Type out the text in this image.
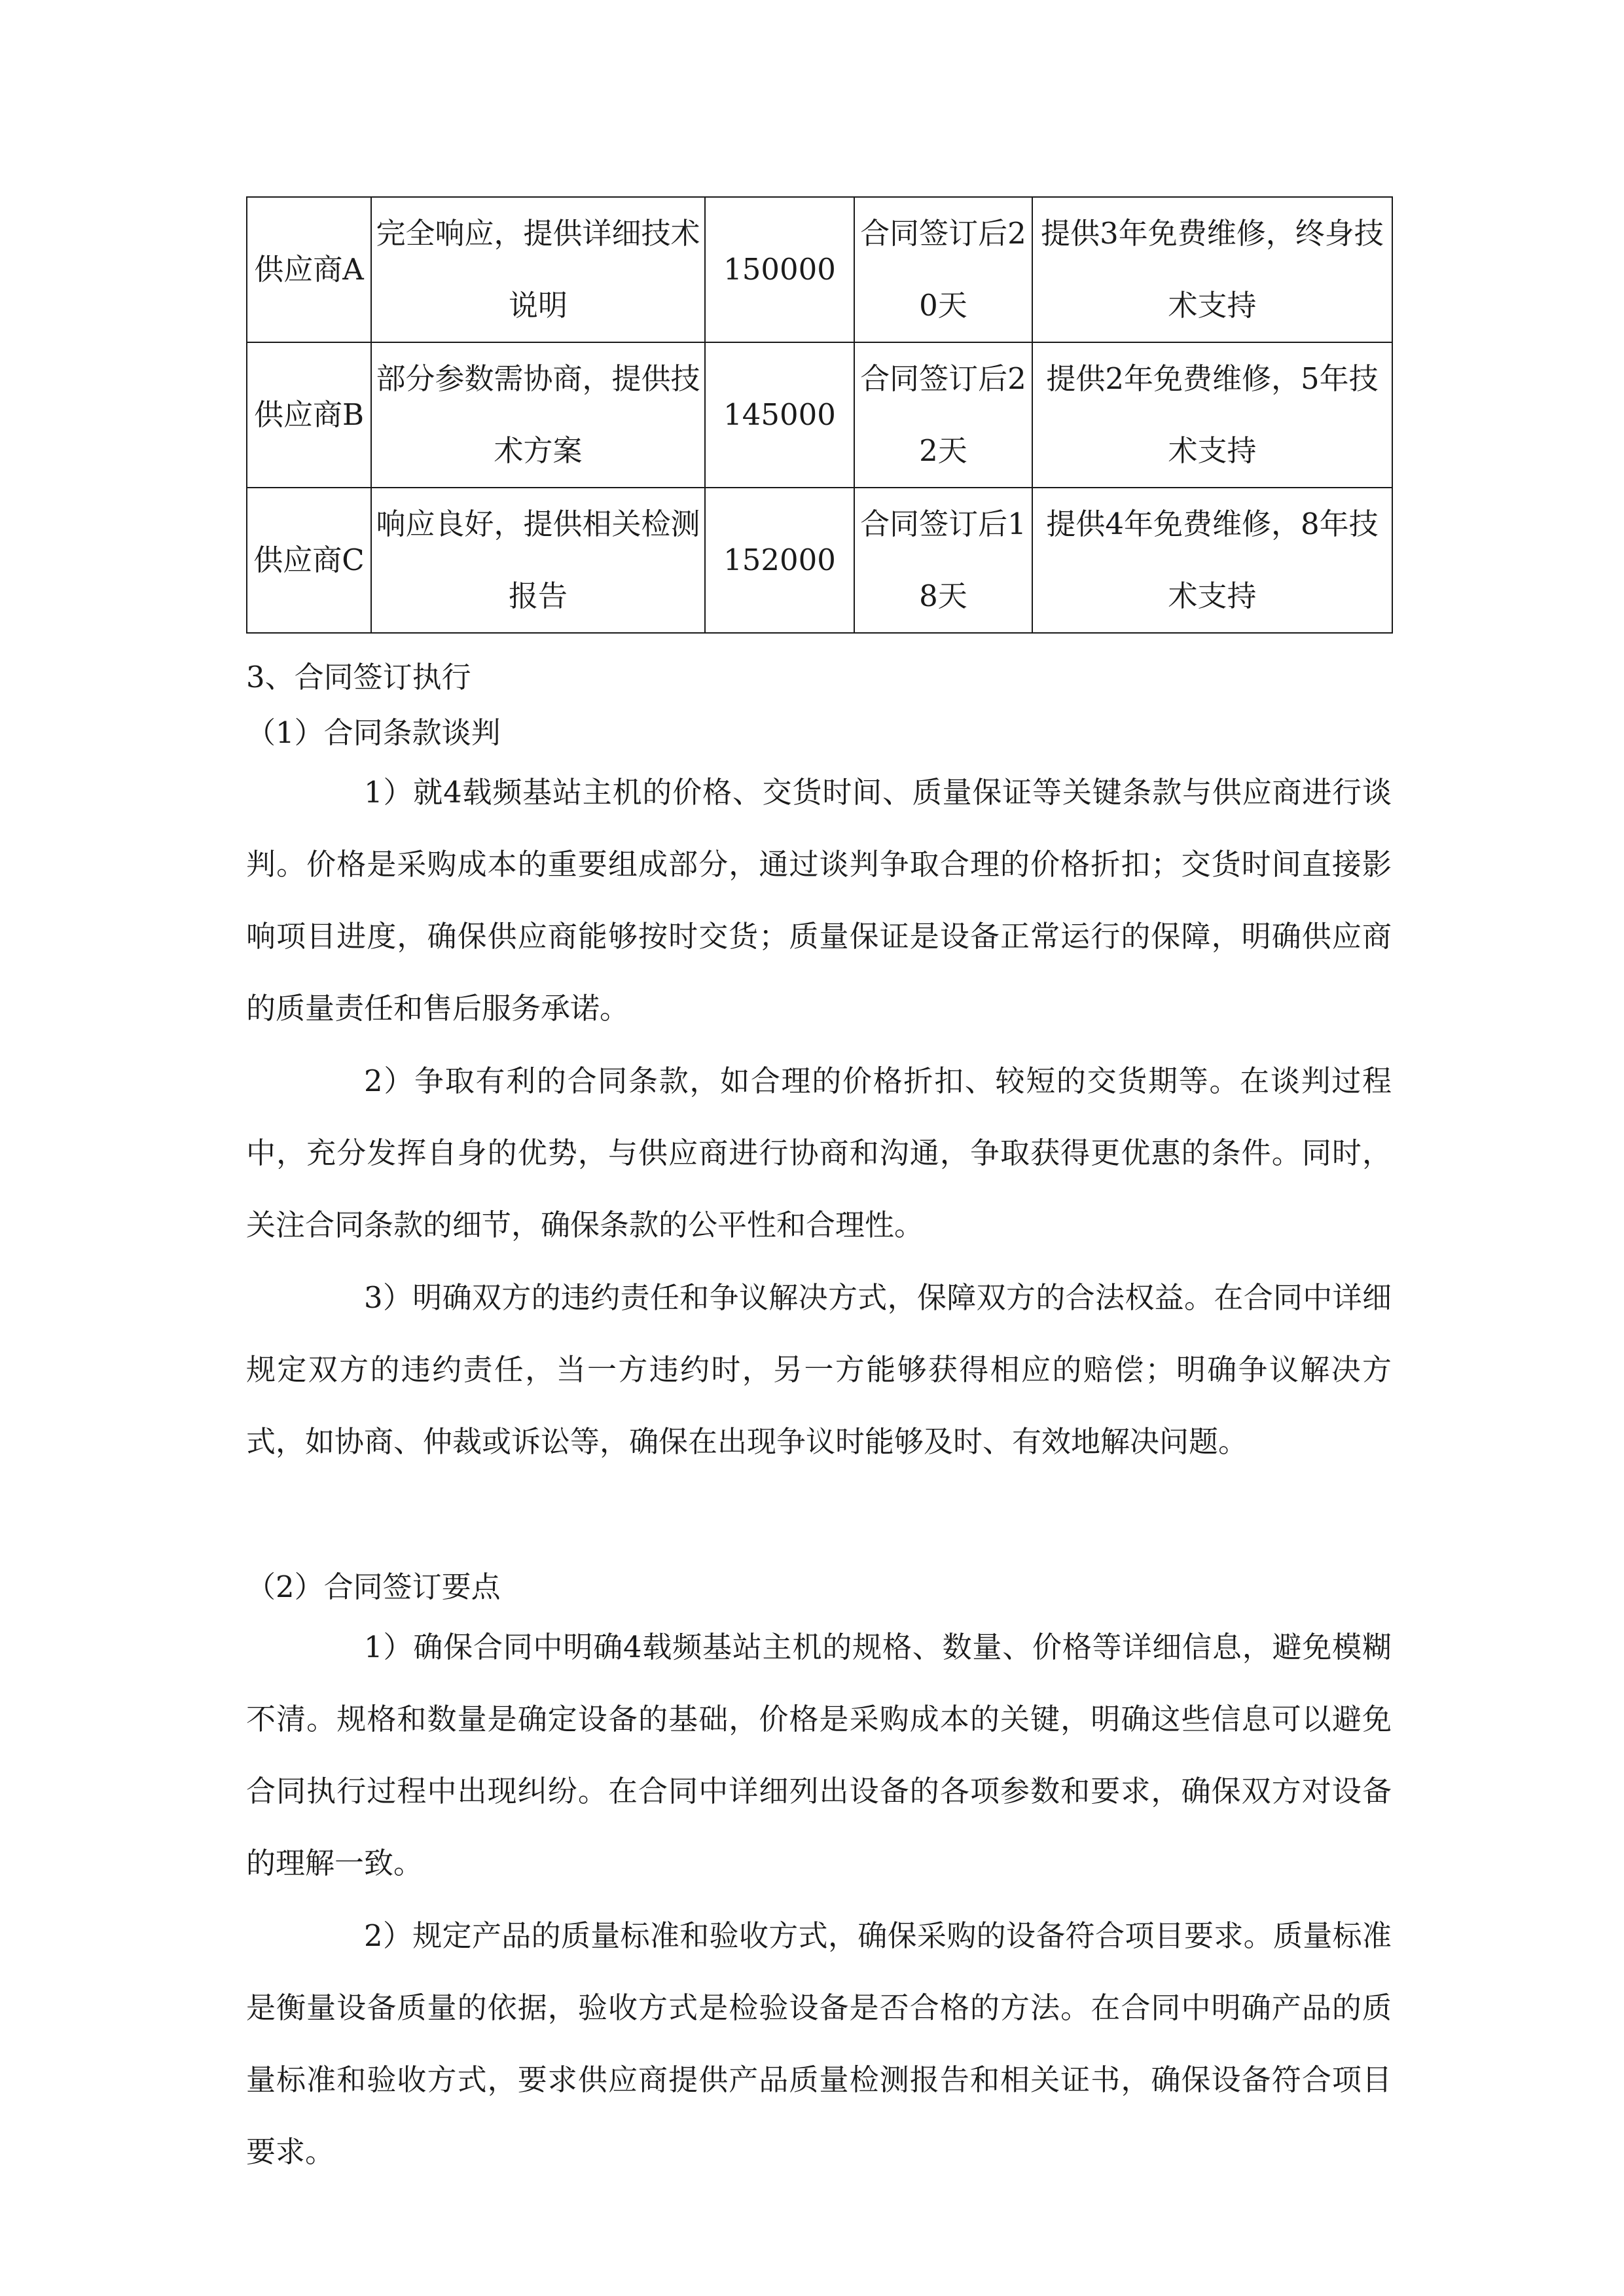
供应商A	完全响应，提供详细技术说明	150000	合同签订后20天	提供3年免费维修，终身技术支持
供应商B	部分参数需协商，提供技术方案	145000	合同签订后22天	提供2年免费维修，5年技术支持
供应商C	响应良好，提供相关检测报告	152000	合同签订后18天	提供4年免费维修，8年技术支持
3、合同签订执行
（1）合同条款谈判

1）就4载频基站主机的价格、交货时间、质量保证等关键条款与供应商进行谈判。价格是采购成本的重要组成部分，通过谈判争取合理的价格折扣；交货时间直接影响项目进度，确保供应商能够按时交货；质量保证是设备正常运行的保障，明确供应商的质量责任和售后服务承诺。

2）争取有利的合同条款，如合理的价格折扣、较短的交货期等。在谈判过程中，充分发挥自身的优势，与供应商进行协商和沟通，争取获得更优惠的条件。同时，关注合同条款的细节，确保条款的公平性和合理性。

3）明确双方的违约责任和争议解决方式，保障双方的合法权益。在合同中详细规定双方的违约责任，当一方违约时，另一方能够获得相应的赔偿；明确争议解决方式，如协商、仲裁或诉讼等，确保在出现争议时能够及时、有效地解决问题。

（2）合同签订要点

1）确保合同中明确4载频基站主机的规格、数量、价格等详细信息，避免模糊不清。规格和数量是确定设备的基础，价格是采购成本的关键，明确这些信息可以避免合同执行过程中出现纠纷。在合同中详细列出设备的各项参数和要求，确保双方对设备的理解一致。

2）规定产品的质量标准和验收方式，确保采购的设备符合项目要求。质量标准是衡量设备质量的依据，验收方式是检验设备是否合格的方法。在合同中明确产品的质量标准和验收方式，要求供应商提供产品质量检测报告和相关证书，确保设备符合项目要求。
